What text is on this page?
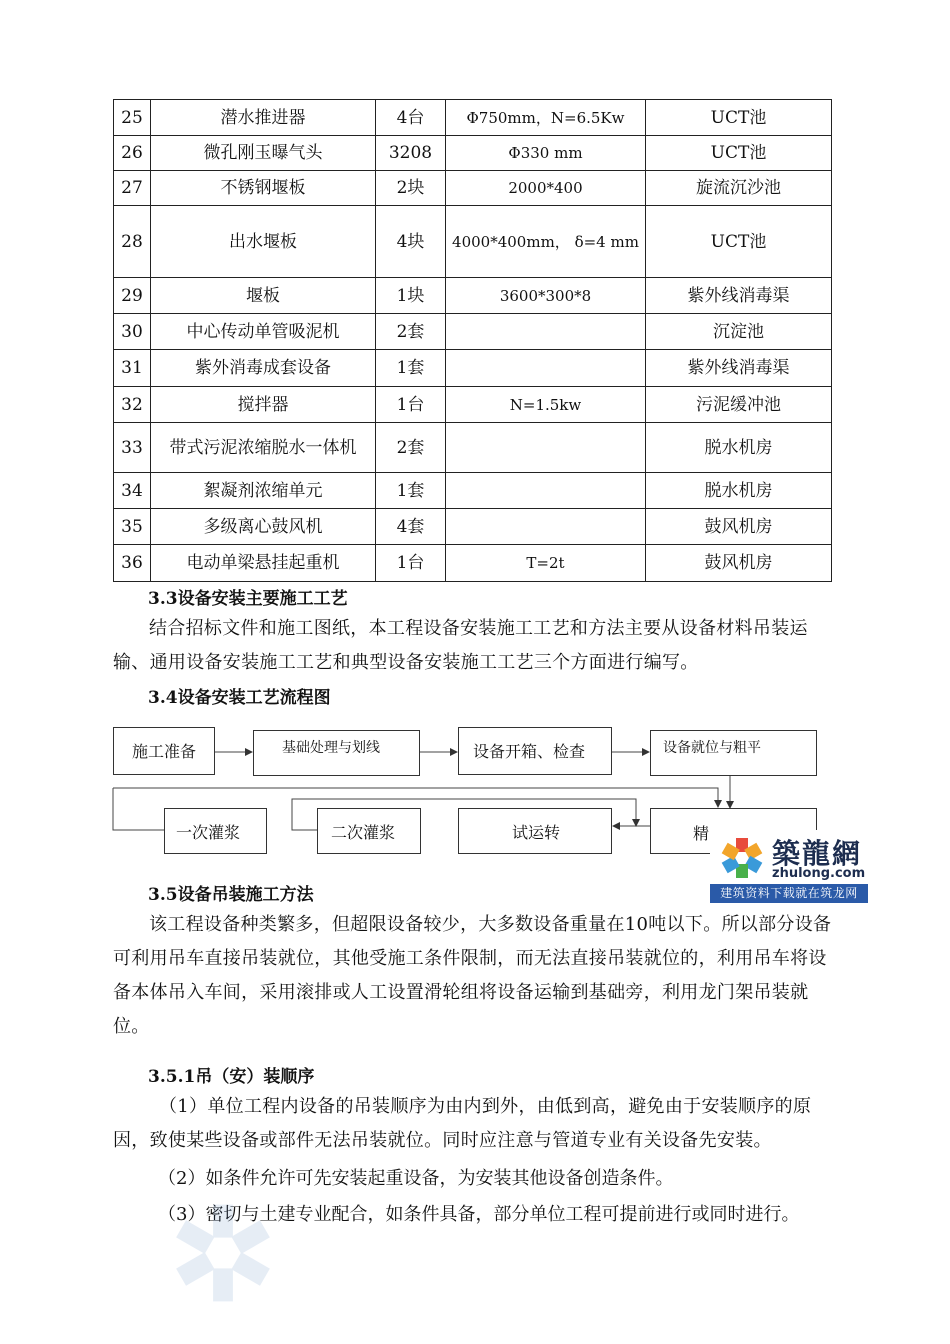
25	潜水推进器	4台	Φ750mm，N=6.5Kw	UCT池
26	微孔刚玉曝气头	3208	Φ330 mm	UCT池
27	不锈钢堰板	2块	2000*400	旋流沉沙池
28	出水堰板	4块	4000*400mm， δ=4 mm	UCT池
29	堰板	1块	3600*300*8	紫外线消毒渠
30	中心传动单管吸泥机	2套		沉淀池
31	紫外消毒成套设备	1套		紫外线消毒渠
32	搅拌器	1台	N=1.5kw	污泥缓冲池
33	带式污泥浓缩脱水一体机	2套		脱水机房
34	絮凝剂浓缩单元	1套		脱水机房
35	多级离心鼓风机	4套		鼓风机房
36	电动单梁悬挂起重机	1台	T=2t	鼓风机房
3.3设备安装主要施工工艺
结合招标文件和施工图纸，本工程设备安装施工工艺和方法主要从设备材料吊装运输、通用设备安装施工工艺和典型设备安装施工工艺三个方面进行编写。
3.4设备安装工艺流程图
施工准备	基础处理与划线	设备开箱、检查	设备就位与粗平
精
试运转
二次灌浆
一次灌浆
築龍網
zhulong.com
建筑资料下载就在筑龙网
3.5设备吊装施工方法
该工程设备种类繁多，但超限设备较少，大多数设备重量在10吨以下。所以部分设备可利用吊车直接吊装就位，其他受施工条件限制，而无法直接吊装就位的，利用吊车将设备本体吊入车间，采用滚排或人工设置滑轮组将设备运输到基础旁，利用龙门架吊装就位。
3.5.1吊（安）装顺序
（1）单位工程内设备的吊装顺序为由内到外，由低到高，避免由于安装顺序的原因，致使某些设备或部件无法吊装就位。同时应注意与管道专业有关设备先安装。
（2）如条件允许可先安装起重设备，为安装其他设备创造条件。
（3）密切与土建专业配合，如条件具备，部分单位工程可提前进行或同时进行。
